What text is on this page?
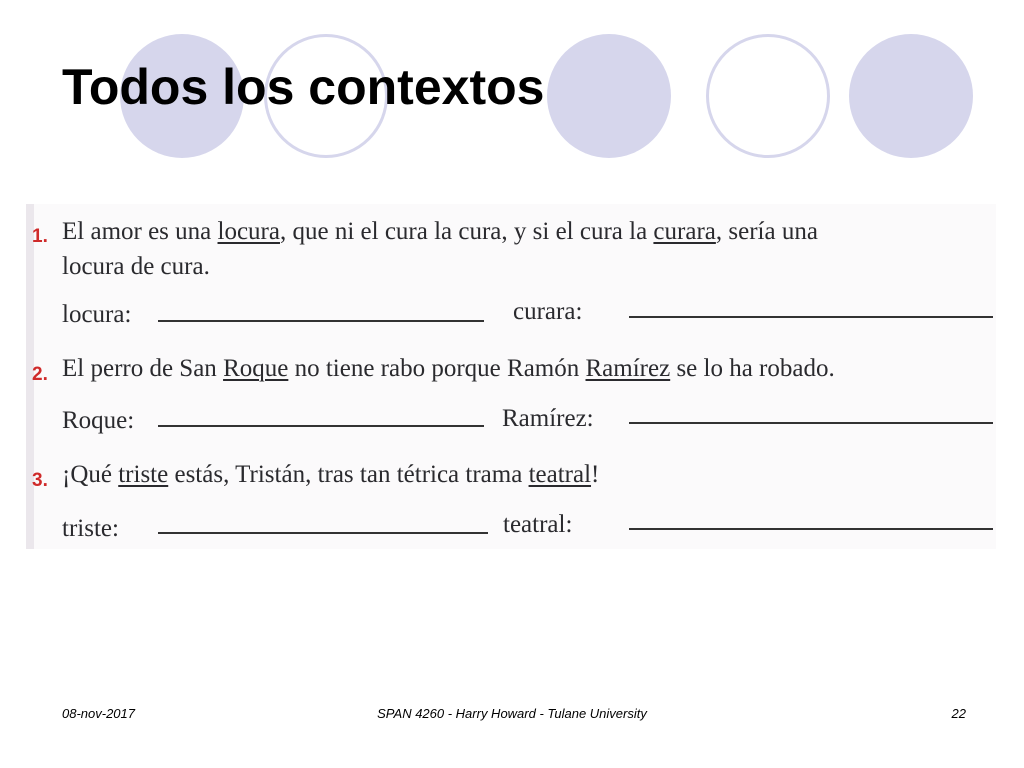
Todos los contextos
1. El amor es una locura, que ni el cura la cura, y si el cura la curara, sería una
locura de cura.
locura:	curara:
2. El perro de San Roque no tiene rabo porque Ramón Ramírez se lo ha robado.
Roque:	Ramírez:
3. ¡Qué triste estás, Tristán, tras tan tétrica trama teatral!
triste:	teatral:
08-nov-2017	SPAN 4260 - Harry Howard - Tulane University	22
